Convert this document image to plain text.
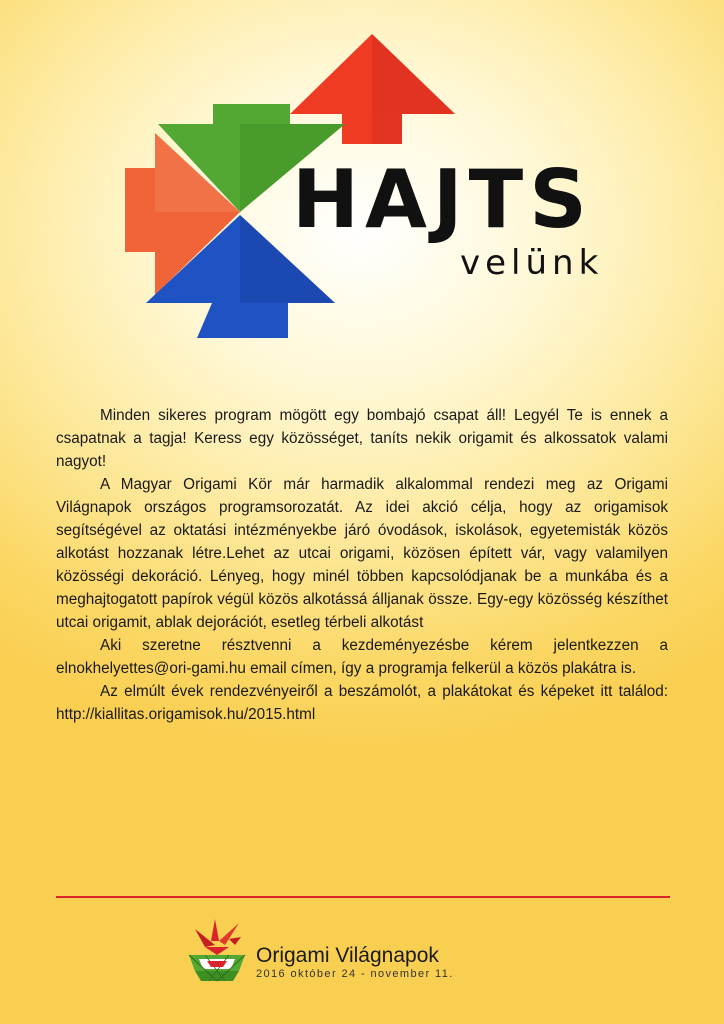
HAJTS
velünk

Minden sikeres program mögött egy bombajó csapat áll! Legyél Te is ennek a csapatnak a tagja! Keress egy közösséget, taníts nekik origamit és alkossatok valami nagyot!

A Magyar Origami Kör már harmadik alkalommal rendezi meg az Origami Világnapok országos programsorozatát. Az idei akció célja, hogy az origamisok segítségével az oktatási intézményekbe járó óvodások, iskolások, egyetemisták közös alkotást hozzanak létre.Lehet az utcai origami, közösen épített vár, vagy valamilyen közösségi dekoráció. Lényeg, hogy minél többen kapcsolódjanak be a munkába és a meghajtogatott papírok végül közös alkotássá álljanak össze. Egy-egy közösség készíthet utcai origamit, ablak dejorációt, esetleg térbeli alkotást

Aki szeretne résztvenni a kezdeményezésbe kérem jelentkezzen a elnokhelyettes@ori-gami.hu email címen, így a programja felkerül a közös plakátra is.

Az elmúlt évek rendezvényeiről a beszámolót, a plakátokat és képeket itt találod: http://kiallitas.origamisok.hu/2015.html

Origami Világnapok
2016 október 24 - november 11.
